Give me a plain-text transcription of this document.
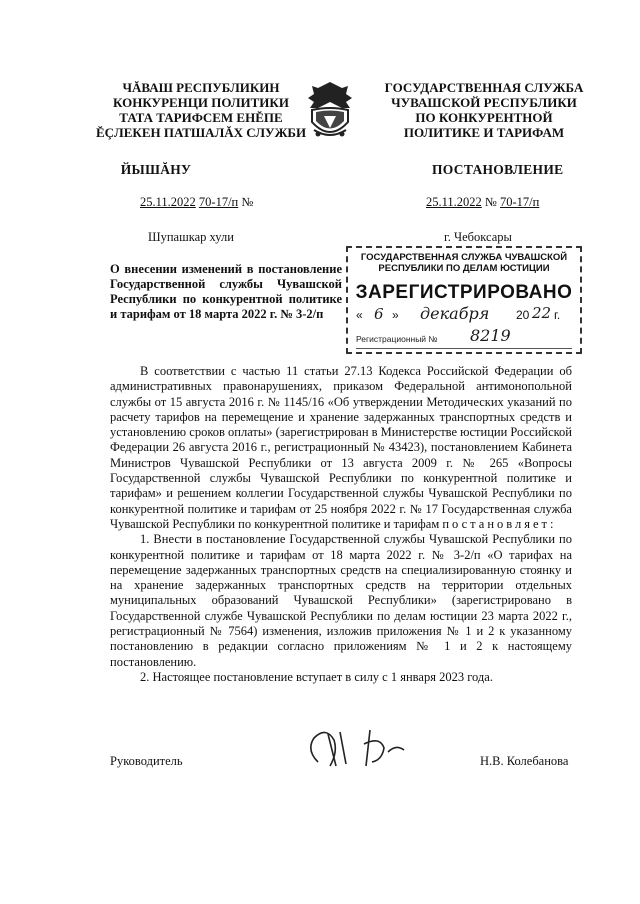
ЧĂВАШ РЕСПУБЛИКИН
КОНКУРЕНЦИ ПОЛИТИКИ
ТАТА ТАРИФСЕМ ЕНĔПЕ
ĔÇЛЕКЕН ПАТШАЛĂХ СЛУЖБИ
ЙЫШĂНУ
25.11.2022 70-17/п №
Шупашкар хули
ГОСУДАРСТВЕННАЯ СЛУЖБА
ЧУВАШСКОЙ РЕСПУБЛИКИ
ПО КОНКУРЕНТНОЙ
ПОЛИТИКЕ И ТАРИФАМ
ПОСТАНОВЛЕНИЕ
25.11.2022 № 70-17/п
г. Чебоксары
О внесении изменений в постановление Государственной службы Чувашской Республики по конкурентной политике и тарифам от 18 марта 2022 г. № 3-2/п
ГОСУДАРСТВЕННАЯ СЛУЖБА ЧУВАШСКОЙ РЕСПУБЛИКИ ПО ДЕЛАМ ЮСТИЦИИ
ЗАРЕГИСТРИРОВАНО
« 6 » декабря 20 22 г.
Регистрационный № 8219

В соответствии с частью 11 статьи 27.13 Кодекса Российской Федерации об административных правонарушениях, приказом Федеральной антимонопольной службы от 15 августа 2016 г. № 1145/16 «Об утверждении Методических указаний по расчету тарифов на перемещение и хранение задержанных транспортных средств и установлению сроков оплаты» (зарегистрирован в Министерстве юстиции Российской Федерации 26 августа 2016 г., регистрационный № 43423), постановлением Кабинета Министров Чувашской Республики от 13 августа 2009 г. № 265 «Вопросы Государственной службы Чувашской Республики по конкурентной политике и тарифам» и решением коллегии Государственной службы Чувашской Республики по конкурентной политике и тарифам от 25 ноября 2022 г. № 17 Государственная служба Чувашской Республики по конкурентной политике и тарифам постановляет:

1. Внести в постановление Государственной службы Чувашской Республики по конкурентной политике и тарифам от 18 марта 2022 г. № 3-2/п «О тарифах на перемещение задержанных транспортных средств на специализированную стоянку и на хранение задержанных транспортных средств на территории отдельных муниципальных образований Чувашской Республики» (зарегистрировано в Государственной службе Чувашской Республики по делам юстиции 23 марта 2022 г., регистрационный № 7564) изменения, изложив приложения № 1 и 2 к указанному постановлению в редакции согласно приложениям № 1 и 2 к настоящему постановлению.

2. Настоящее постановление вступает в силу с 1 января 2023 года.

Руководитель	Н.В. Колебанова
